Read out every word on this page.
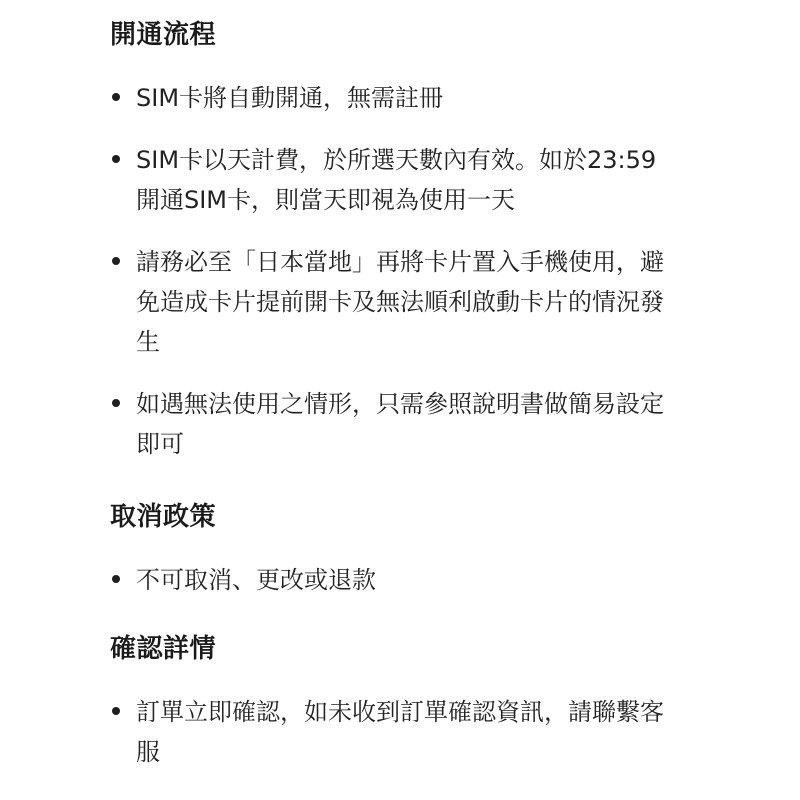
開通流程
SIM卡將自動開通，無需註冊
SIM卡以天計費，於所選天數內有效。如於23:59開通SIM卡，則當天即視為使用一天
請務必至「日本當地」再將卡片置入手機使用，避免造成卡片提前開卡及無法順利啟動卡片的情況發生
如遇無法使用之情形，只需參照說明書做簡易設定即可
取消政策
不可取消、更改或退款
確認詳情
訂單立即確認，如未收到訂單確認資訊，請聯繫客服
